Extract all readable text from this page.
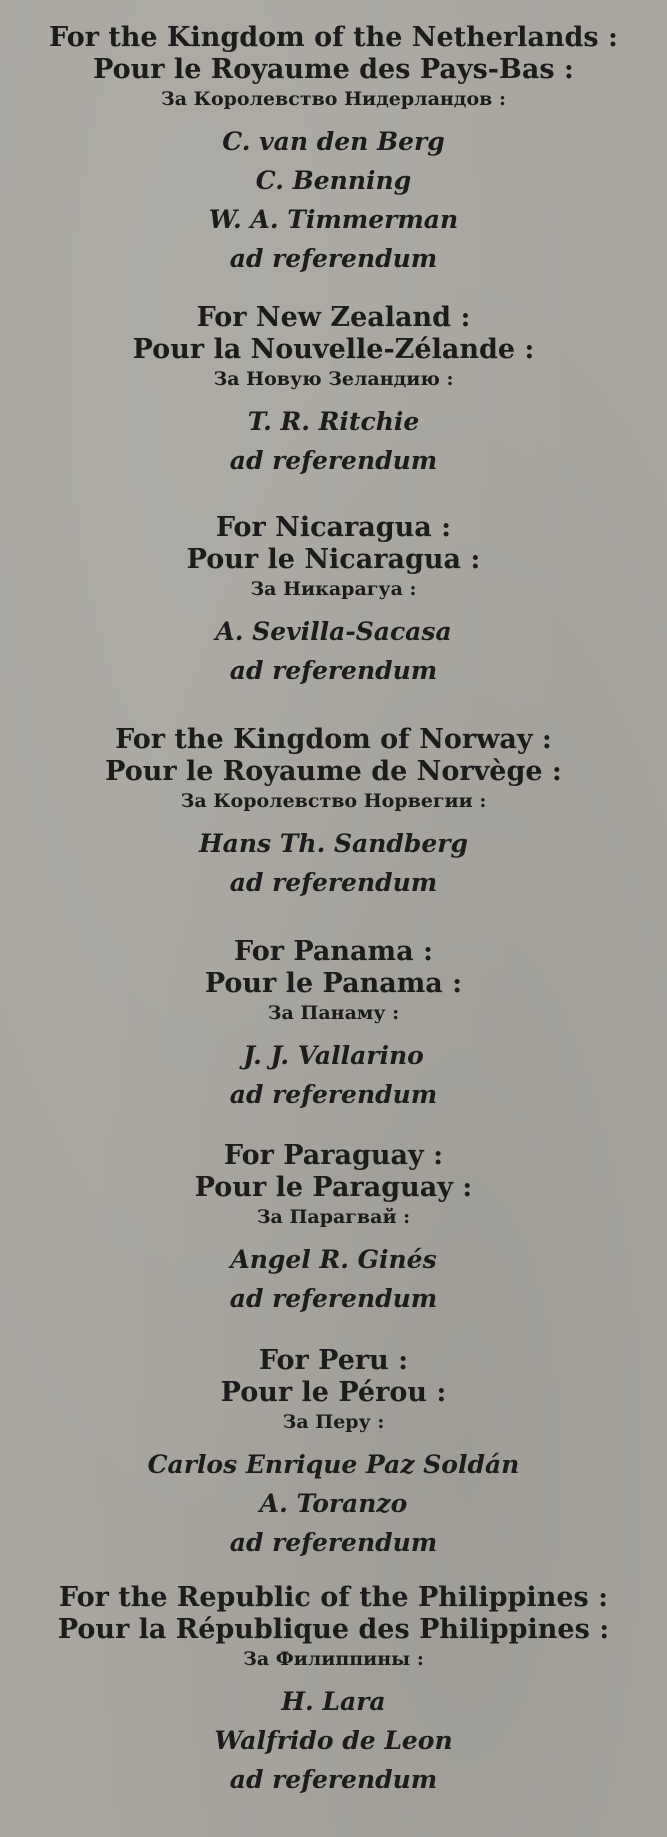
For the Kingdom of the Netherlands :
Pour le Royaume des Pays-Bas :
За Королевство Нидерландов :
C. van den Berg
C. Benning
W. A. Timmerman
ad referendum
For New Zealand :
Pour la Nouvelle-Zélande :
За Новую Зеландию :
T. R. Ritchie
ad referendum
For Nicaragua :
Pour le Nicaragua :
За Никарагуа :
A. Sevilla-Sacasa
ad referendum
For the Kingdom of Norway :
Pour le Royaume de Norvège :
За Королевство Норвегии :
Hans Th. Sandberg
ad referendum
For Panama :
Pour le Panama :
За Панаму :
J. J. Vallarino
ad referendum
For Paraguay :
Pour le Paraguay :
За Парагвай :
Angel R. Ginés
ad referendum
For Peru :
Pour le Pérou :
За Перу :
Carlos Enrique Paz Soldán
A. Toranzo
ad referendum
For the Republic of the Philippines :
Pour la République des Philippines :
За Филиппины :
H. Lara
Walfrido de Leon
ad referendum
